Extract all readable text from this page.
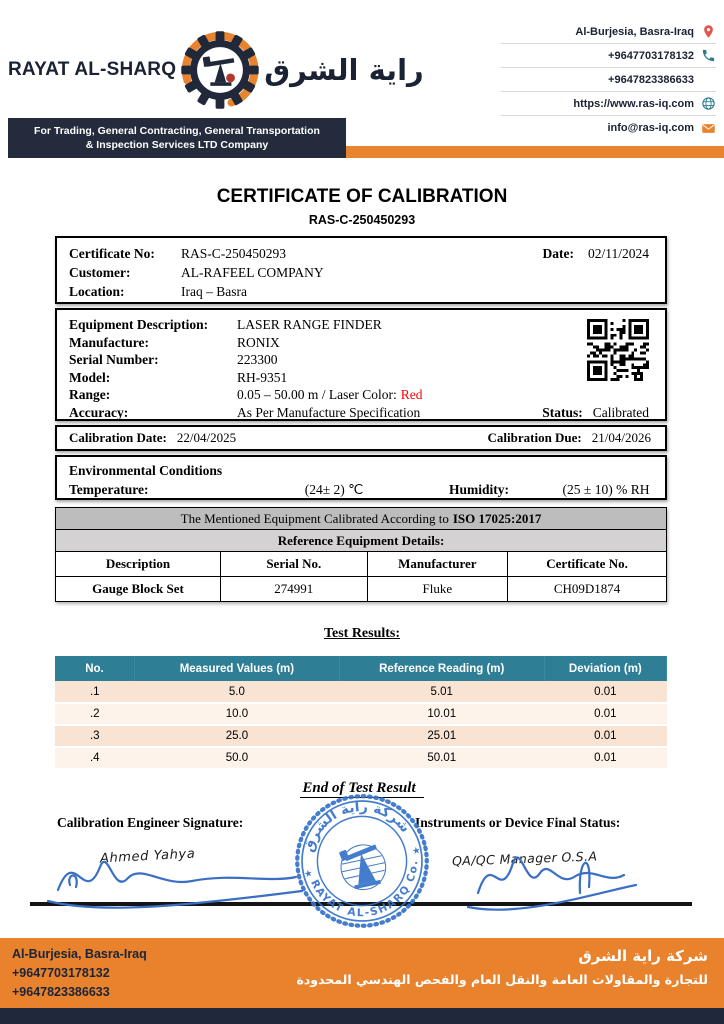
RAYAT AL-SHARQ	راية الشرق
For Trading, General Contracting, General Transportation
& Inspection Services LTD Company
Al-Burjesia, Basra-Iraq
+9647703178132
+9647823386633
https://www.ras-iq.com
info@ras-iq.com
CERTIFICATE OF CALIBRATION
RAS-C-250450293
Certificate No:	RAS-C-250450293	Date: 02/11/2024
Customer:	AL-RAFEEL COMPANY
Location:	Iraq – Basra
Equipment Description:	LASER RANGE FINDER
Manufacture:	RONIX
Serial Number:	223300
Model:	RH-9351
Range:	0.05 – 50.00 m / Laser Color: Red
Accuracy:	As Per Manufacture Specification	Status: Calibrated
Calibration Date: 22/04/2025	Calibration Due: 21/04/2026
Environmental Conditions
Temperature:	(24± 2) ℃	Humidity:	(25 ± 10) % RH
The Mentioned Equipment Calibrated According to ISO 17025:2017			
Reference Equipment Details:			
Description	Serial No.	Manufacturer	Certificate No.
Gauge Block Set	274991	Fluke	CH09D1874
Test Results:
No.	Measured Values (m)	Reference Reading (m)	Deviation (m)
.1	5.0	5.01	0.01
.2	10.0	10.01	0.01
.3	25.0	25.01	0.01
.4	50.0	50.01	0.01
End of Test Result
Calibration Engineer Signature:	Instruments or Device Final Status:
Ahmed Yahya	QA/QC Manager O.S.A
شركة راية الشرق
RAYAT AL-SHARQ Co.
★
★
Al-Burjesia, Basra-Iraq
+9647703178132
+9647823386633
شركة راية الشرق
للتجارة والمقاولات العامة والنقل العام والفحص الهندسي المحدودة
